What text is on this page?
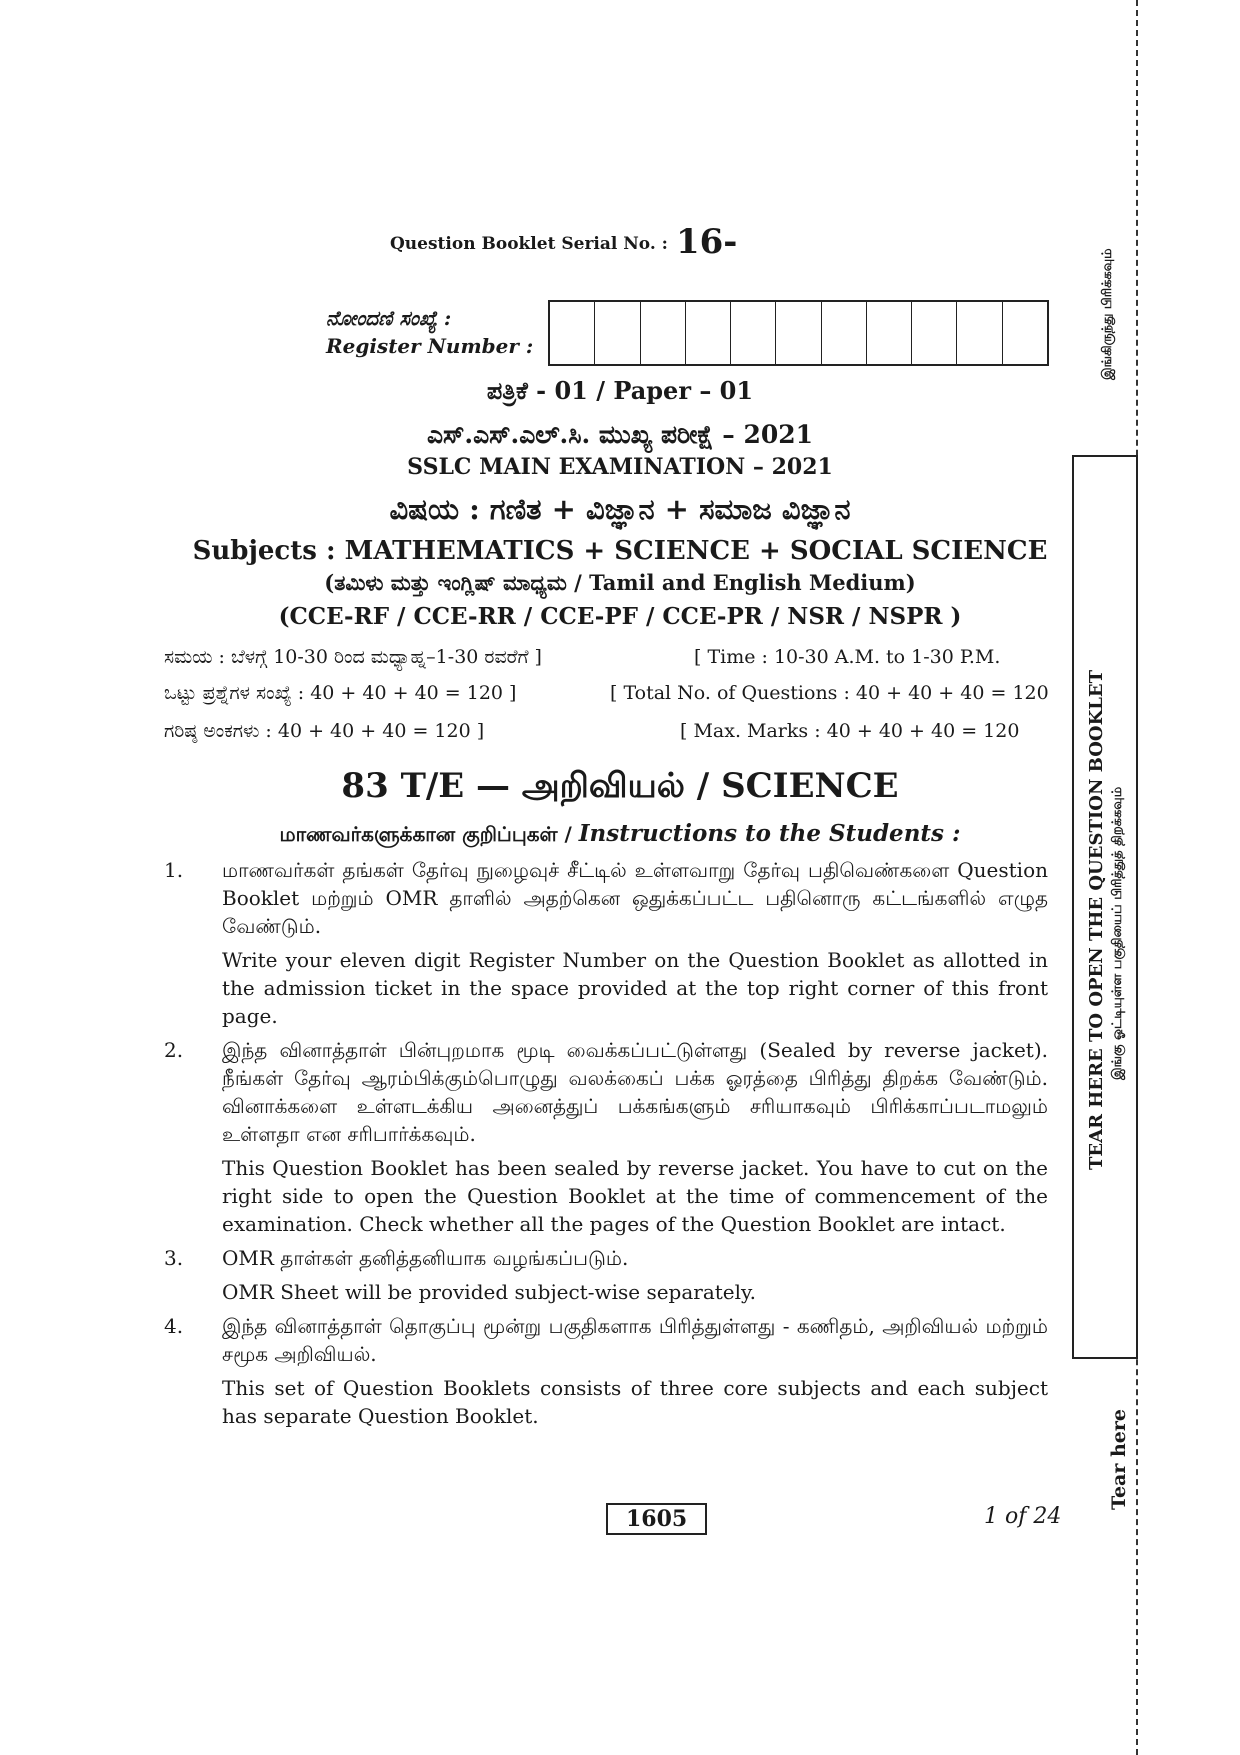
Question Booklet Serial No. : 16-
ನೋಂದಣಿ ಸಂಖ್ಯೆ :
Register Number :
ಪತ್ರಿಕೆ - 01 / Paper – 01
ಎಸ್.ಎಸ್.ಎಲ್.ಸಿ. ಮುಖ್ಯ ಪರೀಕ್ಷೆ – 2021
SSLC MAIN EXAMINATION – 2021
ವಿಷಯ : ಗಣಿತ + ವಿಜ್ಞಾನ + ಸಮಾಜ ವಿಜ್ಞಾನ
Subjects : MATHEMATICS + SCIENCE + SOCIAL SCIENCE
(ತಮಿಳು ಮತ್ತು ಇಂಗ್ಲಿಷ್ ಮಾಧ್ಯಮ / Tamil and English Medium)
(CCE-RF / CCE-RR / CCE-PF / CCE-PR / NSR / NSPR )
ಸಮಯ : ಬೆಳಗ್ಗೆ 10-30 ರಿಂದ ಮಧ್ಯಾಹ್ನ–1-30 ರವರೆಗೆ ]	[ Time : 10-30 A.M. to 1-30 P.M.
ಒಟ್ಟು ಪ್ರಶ್ನೆಗಳ ಸಂಖ್ಯೆ : 40 + 40 + 40 = 120 ]	[ Total No. of Questions : 40 + 40 + 40 = 120
ಗರಿಷ್ಠ ಅಂಕಗಳು : 40 + 40 + 40 = 120 ]	[ Max. Marks : 40 + 40 + 40 = 120
83 T/E — அறிவியல் / SCIENCE
மாணவர்களுக்கான குறிப்புகள் / Instructions to the Students :
1.	மாணவர்கள் தங்கள் தேர்வு நுழைவுச் சீட்டில் உள்ளவாறு தேர்வு பதிவெண்களை Question Booklet மற்றும் OMR தாளில் அதற்கென ஒதுக்கப்பட்ட பதினொரு கட்டங்களில் எழுத வேண்டும்.

Write your eleven digit Register Number on the Question Booklet as allotted in the admission ticket in the space provided at the top right corner of this front page.

2.	இந்த வினாத்தாள் பின்புறமாக மூடி வைக்கப்பட்டுள்ளது (Sealed by reverse jacket). நீங்கள் தேர்வு ஆரம்பிக்கும்பொழுது வலக்கைப் பக்க ஓரத்தை பிரித்து திறக்க வேண்டும். வினாக்களை உள்ளடக்கிய அனைத்துப் பக்கங்களும் சரியாகவும் பிரிக்காப்படாமலும் உள்ளதா என சரிபார்க்கவும்.

This Question Booklet has been sealed by reverse jacket. You have to cut on the right side to open the Question Booklet at the time of commencement of the examination. Check whether all the pages of the Question Booklet are intact.

3.	OMR தாள்கள் தனித்தனியாக வழங்கப்படும்.

OMR Sheet will be provided subject-wise separately.

4.	இந்த வினாத்தாள் தொகுப்பு மூன்று பகுதிகளாக பிரித்துள்ளது - கணிதம், அறிவியல் மற்றும் சமூக அறிவியல்.

This set of Question Booklets consists of three core subjects and each subject has separate Question Booklet.

1605	1 of 24
TEAR HERE TO OPEN THE QUESTION BOOKLET இங்கு ஓட்டியுள்ள பகுதியைப் பிரித்துத் திறக்கவும்
இங்கிருந்து பிரிக்கவும்
Tear here
